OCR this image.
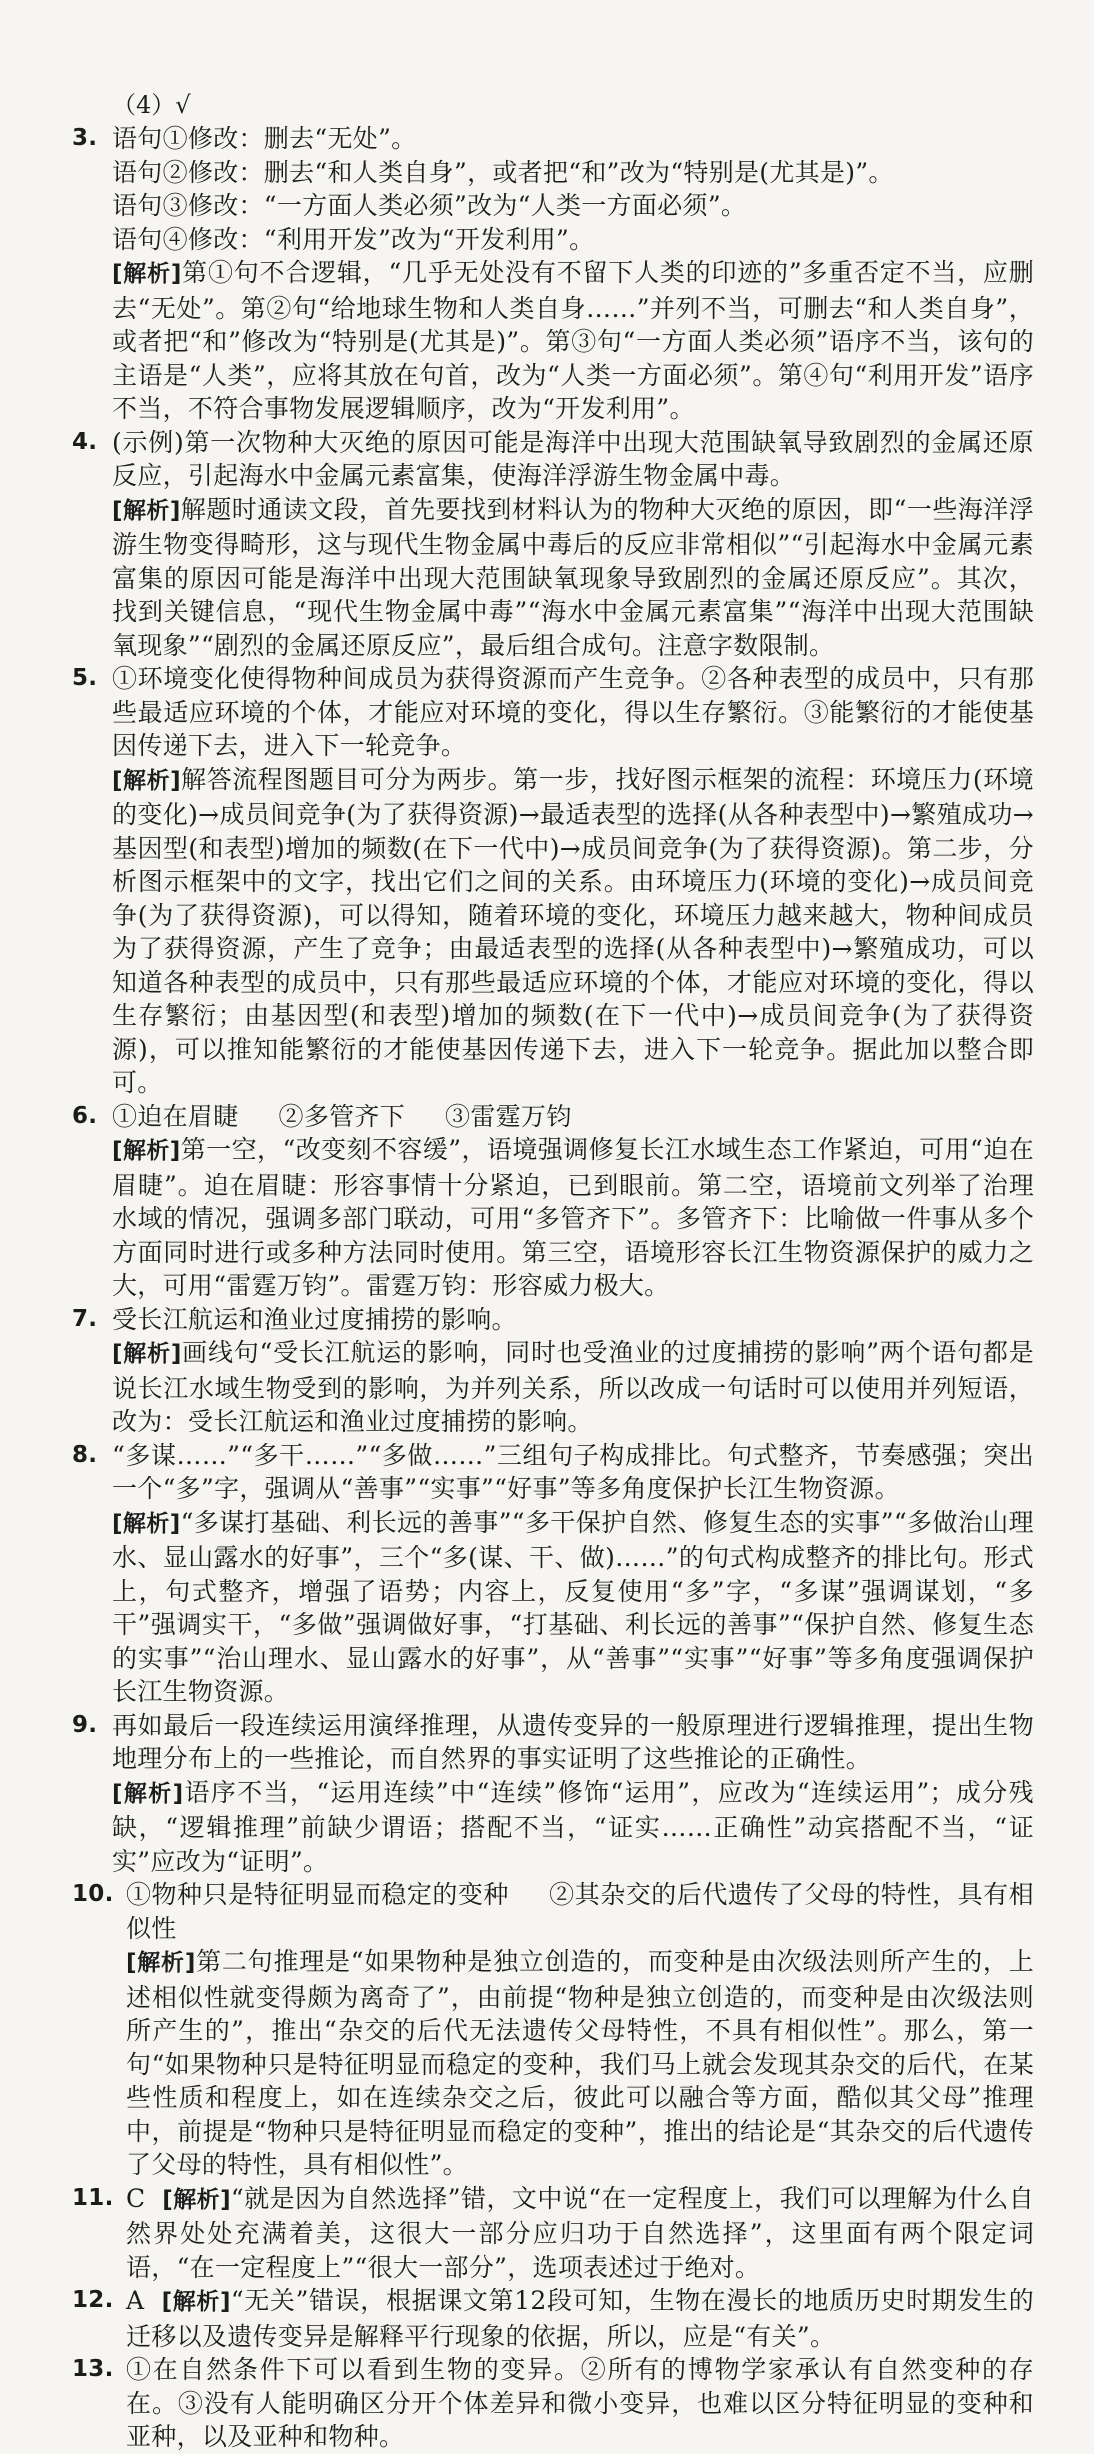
（4）√
3. 语句①修改：删去“无处”。

语句②修改：删去“和人类自身”，或者把“和”改为“特别是(尤其是)”。

语句③修改：“一方面人类必须”改为“人类一方面必须”。

语句④修改：“利用开发”改为“开发利用”。

[解析]第①句不合逻辑，“几乎无处没有不留下人类的印迹的”多重否定不当，应删去“无处”。第②句“给地球生物和人类自身……”并列不当，可删去“和人类自身”，或者把“和”修改为“特别是(尤其是)”。第③句“一方面人类必须”语序不当，该句的主语是“人类”，应将其放在句首，改为“人类一方面必须”。第④句“利用开发”语序不当，不符合事物发展逻辑顺序，改为“开发利用”。

4. (示例)第一次物种大灭绝的原因可能是海洋中出现大范围缺氧导致剧烈的金属还原反应，引起海水中金属元素富集，使海洋浮游生物金属中毒。

[解析]解题时通读文段，首先要找到材料认为的物种大灭绝的原因，即“一些海洋浮游生物变得畸形，这与现代生物金属中毒后的反应非常相似”“引起海水中金属元素富集的原因可能是海洋中出现大范围缺氧现象导致剧烈的金属还原反应”。其次，找到关键信息，“现代生物金属中毒”“海水中金属元素富集”“海洋中出现大范围缺氧现象”“剧烈的金属还原反应”，最后组合成句。注意字数限制。

5. ①环境变化使得物种间成员为获得资源而产生竞争。②各种表型的成员中，只有那些最适应环境的个体，才能应对环境的变化，得以生存繁衍。③能繁衍的才能使基因传递下去，进入下一轮竞争。

[解析]解答流程图题目可分为两步。第一步，找好图示框架的流程：环境压力(环境的变化)→成员间竞争(为了获得资源)→最适表型的选择(从各种表型中)→繁殖成功→基因型(和表型)增加的频数(在下一代中)→成员间竞争(为了获得资源)。第二步，分析图示框架中的文字，找出它们之间的关系。由环境压力(环境的变化)→成员间竞争(为了获得资源)，可以得知，随着环境的变化，环境压力越来越大，物种间成员为了获得资源，产生了竞争；由最适表型的选择(从各种表型中)→繁殖成功，可以知道各种表型的成员中，只有那些最适应环境的个体，才能应对环境的变化，得以生存繁衍；由基因型(和表型)增加的频数(在下一代中)→成员间竞争(为了获得资源)，可以推知能繁衍的才能使基因传递下去，进入下一轮竞争。据此加以整合即可。

6. ①迫在眉睫 ②多管齐下 ③雷霆万钧

[解析]第一空，“改变刻不容缓”，语境强调修复长江水域生态工作紧迫，可用“迫在眉睫”。迫在眉睫：形容事情十分紧迫，已到眼前。第二空，语境前文列举了治理水域的情况，强调多部门联动，可用“多管齐下”。多管齐下：比喻做一件事从多个方面同时进行或多种方法同时使用。第三空，语境形容长江生物资源保护的威力之大，可用“雷霆万钧”。雷霆万钧：形容威力极大。

7. 受长江航运和渔业过度捕捞的影响。

[解析]画线句“受长江航运的影响，同时也受渔业的过度捕捞的影响”两个语句都是说长江水域生物受到的影响，为并列关系，所以改成一句话时可以使用并列短语，改为：受长江航运和渔业过度捕捞的影响。

8. “多谋……”“多干……”“多做……”三组句子构成排比。句式整齐，节奏感强；突出一个“多”字，强调从“善事”“实事”“好事”等多角度保护长江生物资源。

[解析]“多谋打基础、利长远的善事”“多干保护自然、修复生态的实事”“多做治山理水、显山露水的好事”，三个“多(谋、干、做)……”的句式构成整齐的排比句。形式上，句式整齐，增强了语势；内容上，反复使用“多”字，“多谋”强调谋划，“多干”强调实干，“多做”强调做好事，“打基础、利长远的善事”“保护自然、修复生态的实事”“治山理水、显山露水的好事”，从“善事”“实事”“好事”等多角度强调保护长江生物资源。

9. 再如最后一段连续运用演绎推理，从遗传变异的一般原理进行逻辑推理，提出生物地理分布上的一些推论，而自然界的事实证明了这些推论的正确性。

[解析]语序不当，“运用连续”中“连续”修饰“运用”，应改为“连续运用”；成分残缺，“逻辑推理”前缺少谓语；搭配不当，“证实……正确性”动宾搭配不当，“证实”应改为“证明”。

10. ①物种只是特征明显而稳定的变种 ②其杂交的后代遗传了父母的特性，具有相似性

[解析]第二句推理是“如果物种是独立创造的，而变种是由次级法则所产生的，上述相似性就变得颇为离奇了”，由前提“物种是独立创造的，而变种是由次级法则所产生的”，推出“杂交的后代无法遗传父母特性，不具有相似性”。那么，第一句“如果物种只是特征明显而稳定的变种，我们马上就会发现其杂交的后代，在某些性质和程度上，如在连续杂交之后，彼此可以融合等方面，酷似其父母”推理中，前提是“物种只是特征明显而稳定的变种”，推出的结论是“其杂交的后代遗传了父母的特性，具有相似性”。

11. C [解析]“就是因为自然选择”错，文中说“在一定程度上，我们可以理解为什么自然界处处充满着美，这很大一部分应归功于自然选择”，这里面有两个限定词语，“在一定程度上”“很大一部分”，选项表述过于绝对。

12. A [解析]“无关”错误，根据课文第12段可知，生物在漫长的地质历史时期发生的迁移以及遗传变异是解释平行现象的依据，所以，应是“有关”。

13. ①在自然条件下可以看到生物的变异。②所有的博物学家承认有自然变种的存在。③没有人能明确区分开个体差异和微小变异，也难以区分特征明显的变种和亚种，以及亚种和物种。
